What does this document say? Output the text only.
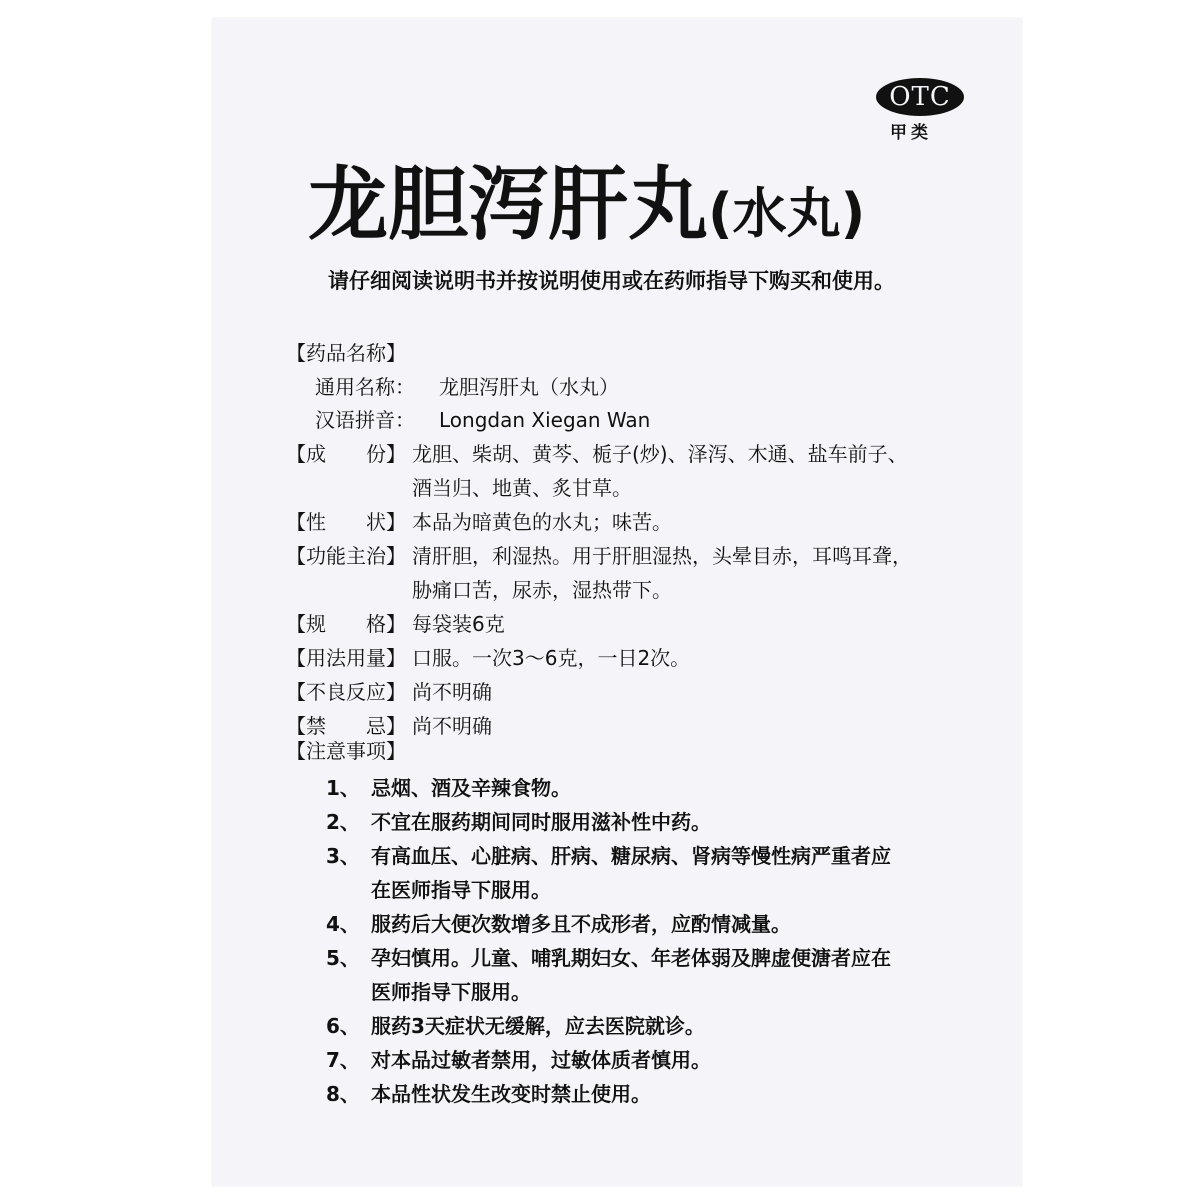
OTC
甲类
龙胆泻肝丸(水丸)
请仔细阅读说明书并按说明使用或在药师指导下购买和使用。
【药品名称】
通用名称： 龙胆泻肝丸（水丸）
汉语拼音： Longdan Xiegan Wan
【成　　份】 龙胆、柴胡、黄芩、栀子(炒)、泽泻、木通、盐车前子、
酒当归、地黄、炙甘草。
【性　　状】 本品为暗黄色的水丸；味苦。
【功能主治】 清肝胆，利湿热。用于肝胆湿热，头晕目赤，耳鸣耳聋，
胁痛口苦，尿赤，湿热带下。
【规　　格】 每袋装6克
【用法用量】 口服。一次3～6克，一日2次。
【不良反应】 尚不明确
【禁　　忌】 尚不明确
【注意事项】
1、 忌烟、酒及辛辣食物。
2、 不宜在服药期间同时服用滋补性中药。
3、 有高血压、心脏病、肝病、糖尿病、肾病等慢性病严重者应
在医师指导下服用。
4、 服药后大便次数增多且不成形者，应酌情减量。
5、 孕妇慎用。儿童、哺乳期妇女、年老体弱及脾虚便溏者应在
医师指导下服用。
6、 服药3天症状无缓解，应去医院就诊。
7、 对本品过敏者禁用，过敏体质者慎用。
8、 本品性状发生改变时禁止使用。
